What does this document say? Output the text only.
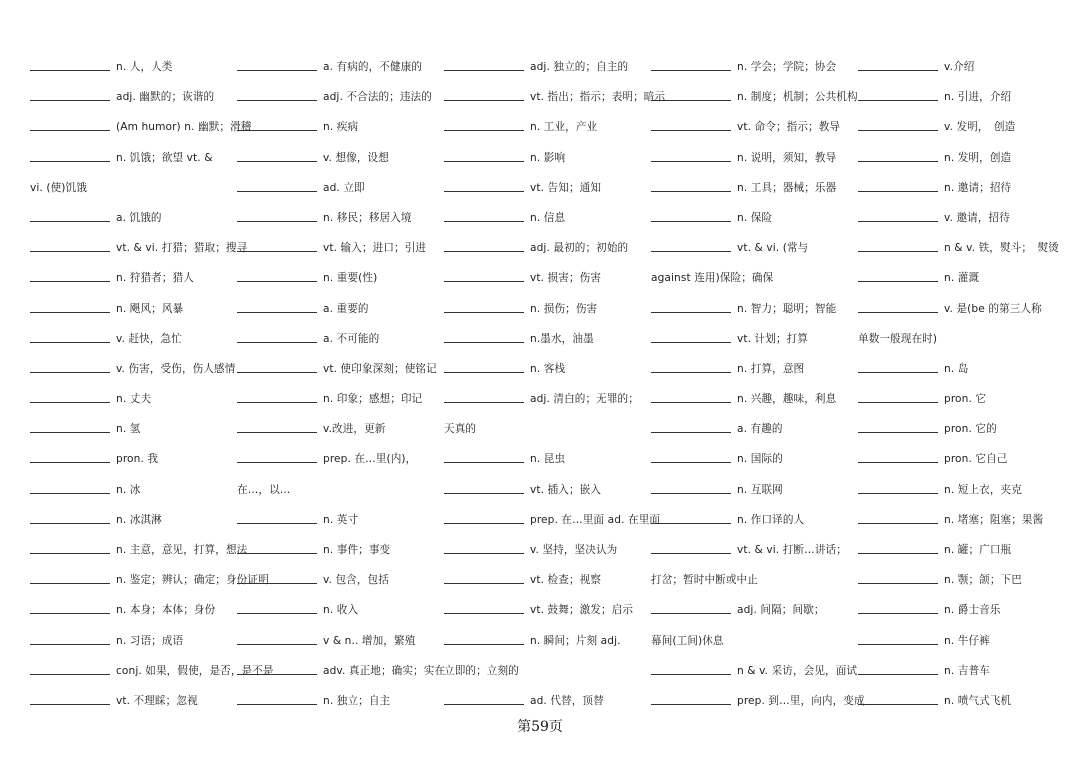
n. 人，人类
adj. 幽默的；诙谐的
(Am humor) n. 幽默；滑稽
n. 饥饿；欲望 vt. &
vi. (使)饥饿
a. 饥饿的
vt. & vi. 打猎；猎取；搜寻
n. 狩猎者；猎人
n. 飓风；风暴
v. 赶快，急忙
v. 伤害，受伤，伤人感情
n. 丈夫
n. 氢
pron. 我
n. 冰
n. 冰淇淋
n. 主意，意见，打算，想法
n. 鉴定；辨认；确定；身份证明
n. 本身；本体；身份
n. 习语；成语
conj. 如果，假使，是否，是不是
vt. 不理睬；忽视
a. 有病的，不健康的
adj. 不合法的；违法的
n. 疾病
v. 想像，设想
ad. 立即
n. 移民；移居入境
vt. 输入；进口；引进
n. 重要(性)
a. 重要的
a. 不可能的
vt. 使印象深刻；使铭记
n. 印象；感想；印记
v.改进，更新
prep. 在…里(内)，
在…，以…
n. 英寸
n. 事件；事变
v. 包含，包括
n. 收入
v & n.. 增加，繁殖
adv. 真正地；确实；实在
n. 独立；自主
adj. 独立的；自主的
vt. 指出；指示；表明；暗示
n. 工业，产业
n. 影响
vt. 告知；通知
n. 信息
adj. 最初的；初始的
vt. 损害；伤害
n. 损伤；伤害
n.墨水，油墨
n. 客栈
adj. 清白的；无罪的；
天真的
n. 昆虫
vt. 插入；嵌入
prep. 在…里面 ad. 在里面
v. 坚持，坚决认为
vt. 检查；视察
vt. 鼓舞；激发；启示
n. 瞬间；片刻 adj.
立即的；立刻的
ad. 代替，顶替
n. 学会；学院；协会
n. 制度；机制；公共机构
vt. 命令；指示；教导
n. 说明，须知，教导
n. 工具；器械；乐器
n. 保险
vt. & vi. (常与
against 连用)保险；确保
n. 智力；聪明；智能
vt. 计划；打算
n. 打算，意图
n. 兴趣，趣味，利息
a. 有趣的
n. 国际的
n. 互联网
n. 作口译的人
vt. & vi. 打断…讲话；
打岔；暂时中断或中止
adj. 间隔；间歇；
幕间(工间)休息
n & v. 采访，会见，面试
prep. 到…里，向内，变成
v.介绍
n. 引进，介绍
v. 发明，　创造
n. 发明，创造
n. 邀请；招待
v. 邀请，招待
n & v. 铁，熨斗；　熨烫
n. 灌溉
v. 是(be 的第三人称
单数一般现在时)
n. 岛
pron. 它
pron. 它的
pron. 它自己
n. 短上衣，夹克
n. 堵塞；阻塞；果酱
n. 罐；广口瓶
n. 颚；颌；下巴
n. 爵士音乐
n. 牛仔裤
n. 吉普车
n. 喷气式飞机
第59页
